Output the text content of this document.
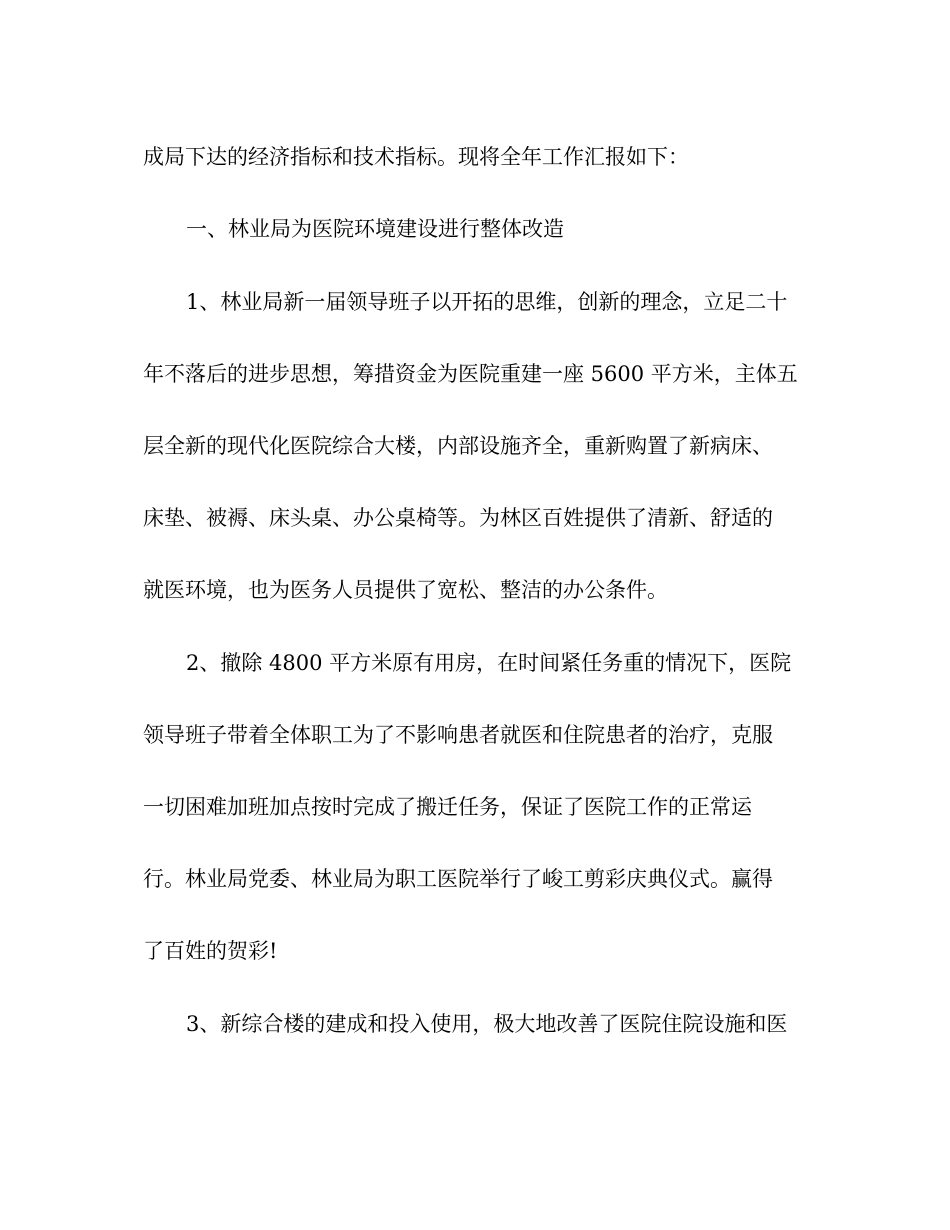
成局下达的经济指标和技术指标。现将全年工作汇报如下：

一、林业局为医院环境建设进行整体改造

1、林业局新一届领导班子以开拓的思维，创新的理念，立足二十

年不落后的进步思想，筹措资金为医院重建一座 5600 平方米，主体五

层全新的现代化医院综合大楼，内部设施齐全，重新购置了新病床、

床垫、被褥、床头桌、办公桌椅等。为林区百姓提供了清新、舒适的

就医环境，也为医务人员提供了宽松、整洁的办公条件。

2、撤除 4800 平方米原有用房，在时间紧任务重的情况下，医院

领导班子带着全体职工为了不影响患者就医和住院患者的治疗，克服

一切困难加班加点按时完成了搬迁任务，保证了医院工作的正常运

行。林业局党委、林业局为职工医院举行了峻工剪彩庆典仪式。赢得

了百姓的贺彩!

3、新综合楼的建成和投入使用，极大地改善了医院住院设施和医
